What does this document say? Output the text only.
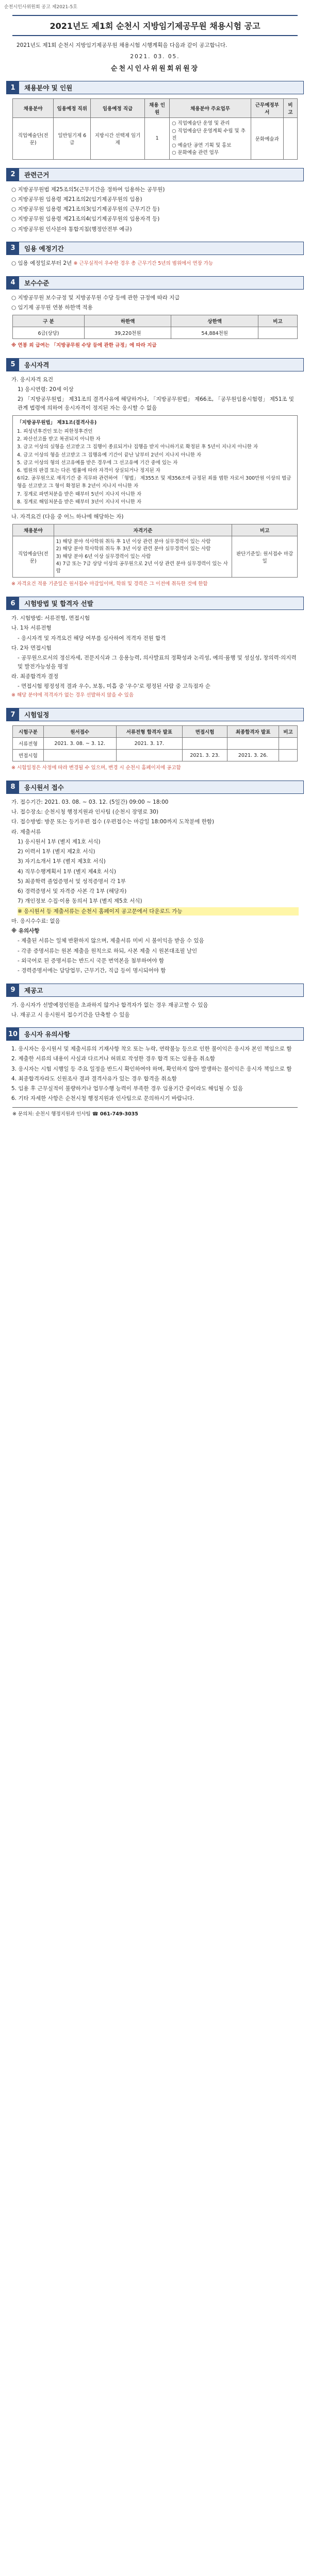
순천시인사위원회 공고 제2021-5호
2021년도 제1회 순천시 지방임기제공무원 채용시험 공고
2021년도 제1회 순천시 지방임기제공무원 채용시험 시행계획을 다음과 같이 공고합니다.
2021. 03. 05.
순천시인사위원회위원장
1	채용분야 및 인원
채용분야	임용예정 직위	임용예정 직급	채용 인원	채용분야 주요업무	근무예정부서	비고
직업예술단(전문)	일반임기제 6급	지방시간 선택제 임기제	1	○ 직업예술단 운영 및 관리
○ 직업예술단 운영계획 수립 및 추진
○ 예술단 공연 기획 및 홍보
○ 문화예술 관련 업무	문화예술과	
2	관련근거
○ 지방공무원법 제25조의5(근무기간을 정하여 임용하는 공무원)
○ 지방공무원 임용령 제21조의2(임기제공무원의 임용)
○ 지방공무원 임용령 제21조의3(임기제공무원의 근무기간 등)
○ 지방공무원 임용령 제21조의4(임기제공무원의 임용자격 등)
○ 지방공무원 인사분야 통합지침(행정안전부 예규)
3	임용 예정기간
○ 임용 예정일로부터 2년 ※ 근무실적이 우수한 경우 총 근무기간 5년의 범위에서 연장 가능
4	보수수준
○ 지방공무원 보수규정 및 지방공무원 수당 등에 관한 규정에 따라 지급
○ 임기제 공무원 연봉 하한액 적용
구 분	하한액	상한액	비고
6급(상당)	39,220천원	54,884천원	
※ 연봉 외 급여는 「지방공무원 수당 등에 관한 규정」에 따라 지급
5	응시자격
가. 응시자격 요건
1) 응시연령: 20세 이상
2) 「지방공무원법」 제31조의 결격사유에 해당하거나, 「지방공무원법」 제66조, 「공무원임용시험령」 제51조 및 관계 법령에 의하여 응시자격이 정지된 자는 응시할 수 없음
「지방공무원법」 제31조(결격사유)
1. 피성년후견인 또는 피한정후견인
2. 파산선고를 받고 복권되지 아니한 자
3. 금고 이상의 실형을 선고받고 그 집행이 종료되거나 집행을 받지 아니하기로 확정된 후 5년이 지나지 아니한 자
4. 금고 이상의 형을 선고받고 그 집행유예 기간이 끝난 날부터 2년이 지나지 아니한 자
5. 금고 이상의 형의 선고유예를 받은 경우에 그 선고유예 기간 중에 있는 자
6. 법원의 판결 또는 다른 법률에 따라 자격이 상실되거나 정지된 자
6의2. 공무원으로 재직기간 중 직무와 관련하여 「형법」 제355조 및 제356조에 규정된 죄를 범한 자로서 300만원 이상의 벌금형을 선고받고 그 형이 확정된 후 2년이 지나지 아니한 자
7. 징계로 파면처분을 받은 때부터 5년이 지나지 아니한 자
8. 징계로 해임처분을 받은 때부터 3년이 지나지 아니한 자
나. 자격요건 (다음 중 어느 하나에 해당하는 자)
채용분야	자격기준	비고
직업예술단(전문)	1) 해당 분야 석사학위 취득 후 1년 이상 관련 분야 실무경력이 있는 사람
2) 해당 분야 학사학위 취득 후 3년 이상 관련 분야 실무경력이 있는 사람
3) 해당 분야 6년 이상 실무경력이 있는 사람
4) 7급 또는 7급 상당 이상의 공무원으로 2년 이상 관련 분야 실무경력이 있는 사람	판단기준일: 원서접수 마감일
※ 자격요건 적용 기준일은 원서접수 마감일이며, 학위 및 경력은 그 이전에 취득한 것에 한함
6	시험방법 및 합격자 선발
가. 시험방법: 서류전형, 면접시험
나. 1차 서류전형
- 응시자격 및 자격요건 해당 여부를 심사하여 적격자 전원 합격
다. 2차 면접시험
- 공무원으로서의 정신자세, 전문지식과 그 응용능력, 의사발표의 정확성과 논리성, 예의·품행 및 성실성, 창의력·의지력 및 발전가능성을 평정
라. 최종합격자 결정
- 면접시험 평정성적 결과 우수, 보통, 미흡 중 '우수'로 평정된 사람 중 고득점자 순
※ 해당 분야에 적격자가 없는 경우 선발하지 않을 수 있음
7	시험일정
시험구분	원서접수	서류전형 합격자 발표	면접시험	최종합격자 발표	비고
서류전형	2021. 3. 08. ~ 3. 12.	2021. 3. 17.			
면접시험			2021. 3. 23.	2021. 3. 26.	
※ 시험일정은 사정에 따라 변경될 수 있으며, 변경 시 순천시 홈페이지에 공고함
8	응시원서 접수
가. 접수기간: 2021. 03. 08. ~ 03. 12. (5일간) 09:00 ~ 18:00
나. 접수장소: 순천시청 행정지원과 인사팀 (순천시 장명로 30)
다. 접수방법: 방문 또는 등기우편 접수 (우편접수는 마감일 18:00까지 도착분에 한함)
라. 제출서류
1) 응시원서 1부 (별지 제1호 서식)
2) 이력서 1부 (별지 제2호 서식)
3) 자기소개서 1부 (별지 제3호 서식)
4) 직무수행계획서 1부 (별지 제4호 서식)
5) 최종학력 졸업증명서 및 성적증명서 각 1부
6) 경력증명서 및 자격증 사본 각 1부 (해당자)
7) 개인정보 수집·이용 동의서 1부 (별지 제5호 서식)
※ 응시원서 등 제출서류는 순천시 홈페이지 공고문에서 다운로드 가능
마. 응시수수료: 없음
※ 유의사항
- 제출된 서류는 일체 반환하지 않으며, 제출서류 미비 시 불이익을 받을 수 있음
- 각종 증명서류는 원본 제출을 원칙으로 하되, 사본 제출 시 원본대조필 날인
- 외국어로 된 증명서류는 반드시 국문 번역본을 첨부하여야 함
- 경력증명서에는 담당업무, 근무기간, 직급 등이 명시되어야 함
9	제공고
가. 응시자가 선발예정인원을 초과하지 않거나 합격자가 없는 경우 재공고할 수 있음
나. 재공고 시 응시원서 접수기간을 단축할 수 있음
10	응시자 유의사항
1. 응시자는 응시원서 및 제출서류의 기재사항 착오 또는 누락, 연락불능 등으로 인한 불이익은 응시자 본인 책임으로 함
2. 제출한 서류의 내용이 사실과 다르거나 허위로 작성한 경우 합격 또는 임용을 취소함
3. 응시자는 시험 시행일 등 주요 일정을 반드시 확인하여야 하며, 확인하지 않아 발생하는 불이익은 응시자 책임으로 함
4. 최종합격자라도 신원조사 결과 결격사유가 있는 경우 합격을 취소함
5. 임용 후 근무실적이 불량하거나 업무수행 능력이 부족한 경우 임용기간 중이라도 해임될 수 있음
6. 기타 자세한 사항은 순천시청 행정지원과 인사팀으로 문의하시기 바랍니다.
※ 문의처: 순천시 행정지원과 인사팀 ☎ 061-749-3035
